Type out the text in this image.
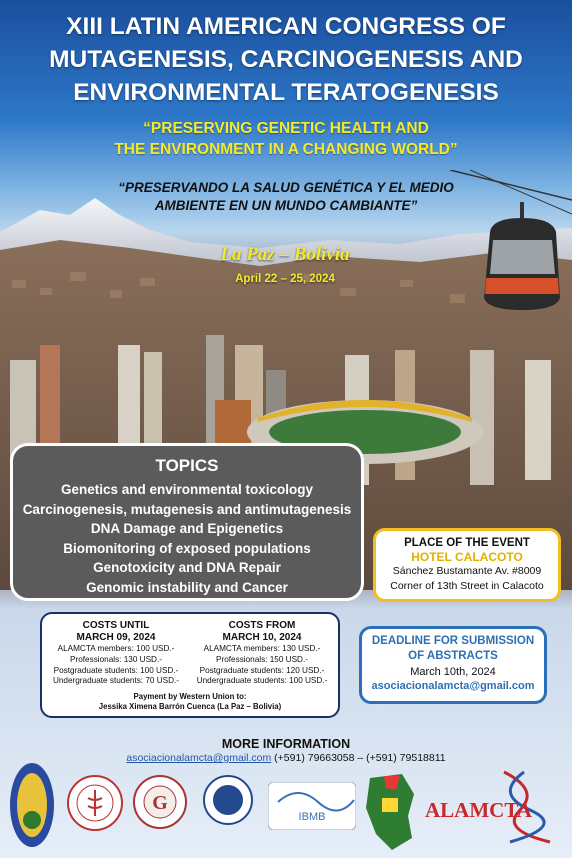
XIII LATIN AMERICAN CONGRESS OF
MUTAGENESIS, CARCINOGENESIS AND
ENVIRONMENTAL TERATOGENESIS
“PRESERVING GENETIC HEALTH AND
THE ENVIRONMENT IN A CHANGING WORLD”
“PRESERVANDO LA SALUD GENÉTICA Y EL MEDIO
AMBIENTE EN UN MUNDO CAMBIANTE”
La Paz – Bolivia
April 22 – 25, 2024
TOPICS
Genetics and environmental toxicology
Carcinogenesis, mutagenesis and antimutagenesis
DNA Damage and Epigenetics
Biomonitoring of exposed populations
Genotoxicity and DNA Repair
Genomic instability and Cancer
PLACE OF THE EVENT
HOTEL CALACOTO
Sánchez Bustamante Av. #8009
Corner of 13th Street in Calacoto
COSTS UNTIL
MARCH 09, 2024
ALAMCTA members: 100 USD.-
Professionals: 130 USD.-
Postgraduate students: 100 USD.-
Undergraduate students: 70 USD.-
COSTS FROM
MARCH 10, 2024
ALAMCTA members: 130 USD.-
Professionals: 150 USD.-
Postgraduate students: 120 USD.-
Undergraduate students: 100 USD.-
Payment by Western Union to:
Jessika Ximena Barrón Cuenca (La Paz – Bolivia)
DEADLINE FOR SUBMISSION
OF ABSTRACTS
March 10th, 2024
asociacionalamcta@gmail.com
MORE INFORMATION
asociacionalamcta@gmail.com (+591) 79663058 – (+591) 79518811
G
IBMB	ALAMCTA
